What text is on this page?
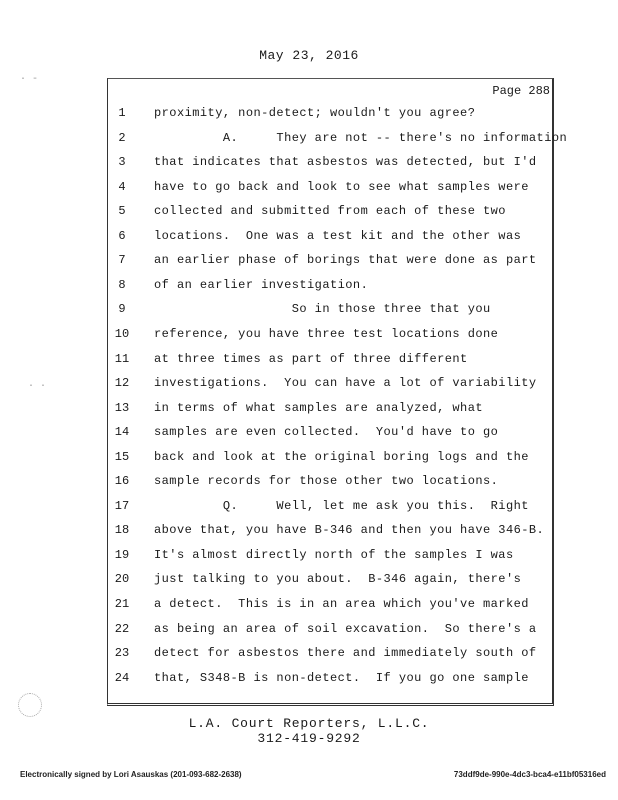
May 23, 2016
Page 288
1	proximity, non-detect; wouldn't you agree?
2	A.     They are not -- there's no information
3	that indicates that asbestos was detected, but I'd
4	have to go back and look to see what samples were
5	collected and submitted from each of these two
6	locations.  One was a test kit and the other was
7	an earlier phase of borings that were done as part
8	of an earlier investigation.
9	So in those three that you
10	reference, you have three test locations done
11	at three times as part of three different
12	investigations.  You can have a lot of variability
13	in terms of what samples are analyzed, what
14	samples are even collected.  You'd have to go
15	back and look at the original boring logs and the
16	sample records for those other two locations.
17	Q.     Well, let me ask you this.  Right
18	above that, you have B-346 and then you have 346-B.
19	It's almost directly north of the samples I was
20	just talking to you about.  B-346 again, there's
21	a detect.  This is in an area which you've marked
22	as being an area of soil excavation.  So there's a
23	detect for asbestos there and immediately south of
24	that, S348-B is non-detect.  If you go one sample
L.A. Court Reporters, L.L.C.
312-419-9292
Electronically signed by Lori Asauskas (201-093-682-2638)	73ddf9de-990e-4dc3-bca4-e11bf05316ed
· -
· ·
